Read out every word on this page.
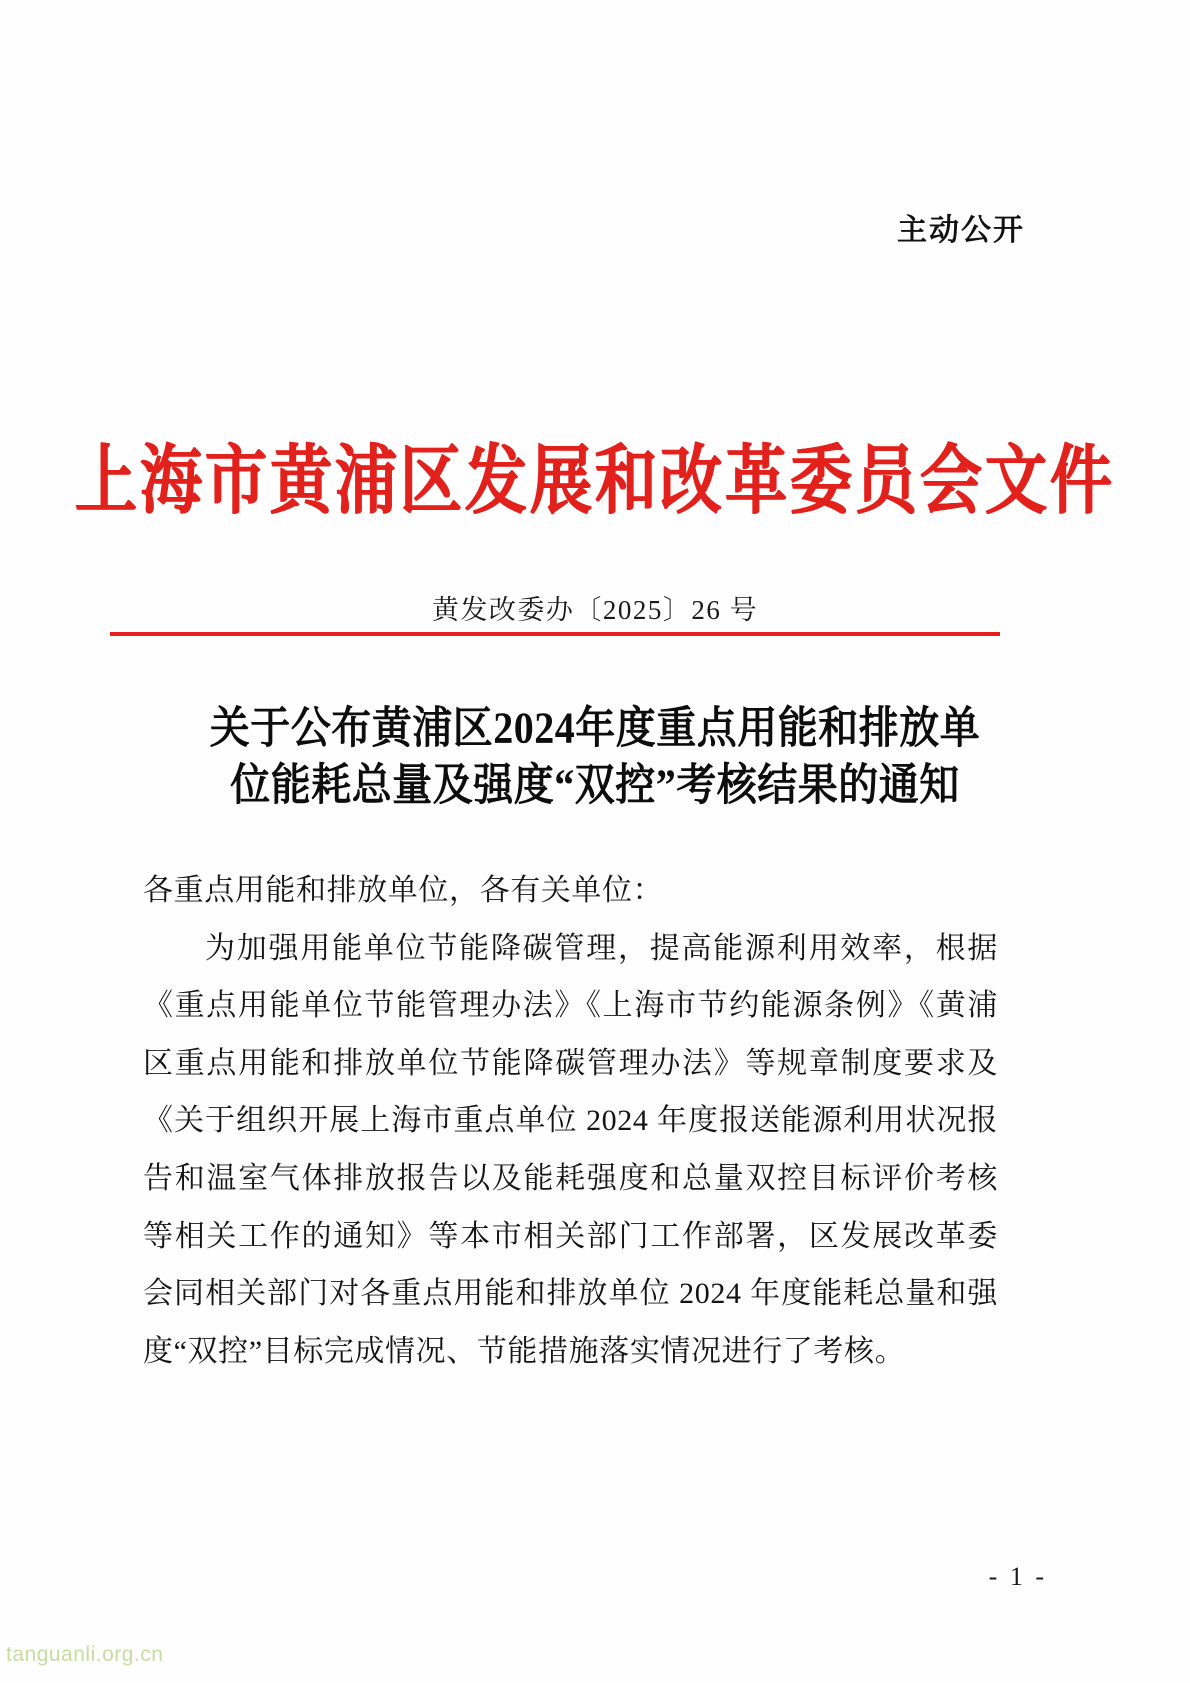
主动公开
上海市黄浦区发展和改革委员会文件
黄发改委办〔2025〕26 号
关于公布黄浦区2024年度重点用能和排放单
位能耗总量及强度“双控”考核结果的通知

各重点用能和排放单位，各有关单位：

为加强用能单位节能降碳管理，提高能源利用效率，根据《重点用能单位节能管理办法》《上海市节约能源条例》《黄浦区重点用能和排放单位节能降碳管理办法》等规章制度要求及《关于组织开展上海市重点单位 2024 年度报送能源利用状况报告和温室气体排放报告以及能耗强度和总量双控目标评价考核等相关工作的通知》等本市相关部门工作部署，区发展改革委会同相关部门对各重点用能和排放单位 2024 年度能耗总量和强度“双控”目标完成情况、节能措施落实情况进行了考核。

- 1 -
tanguanli.org.cn
